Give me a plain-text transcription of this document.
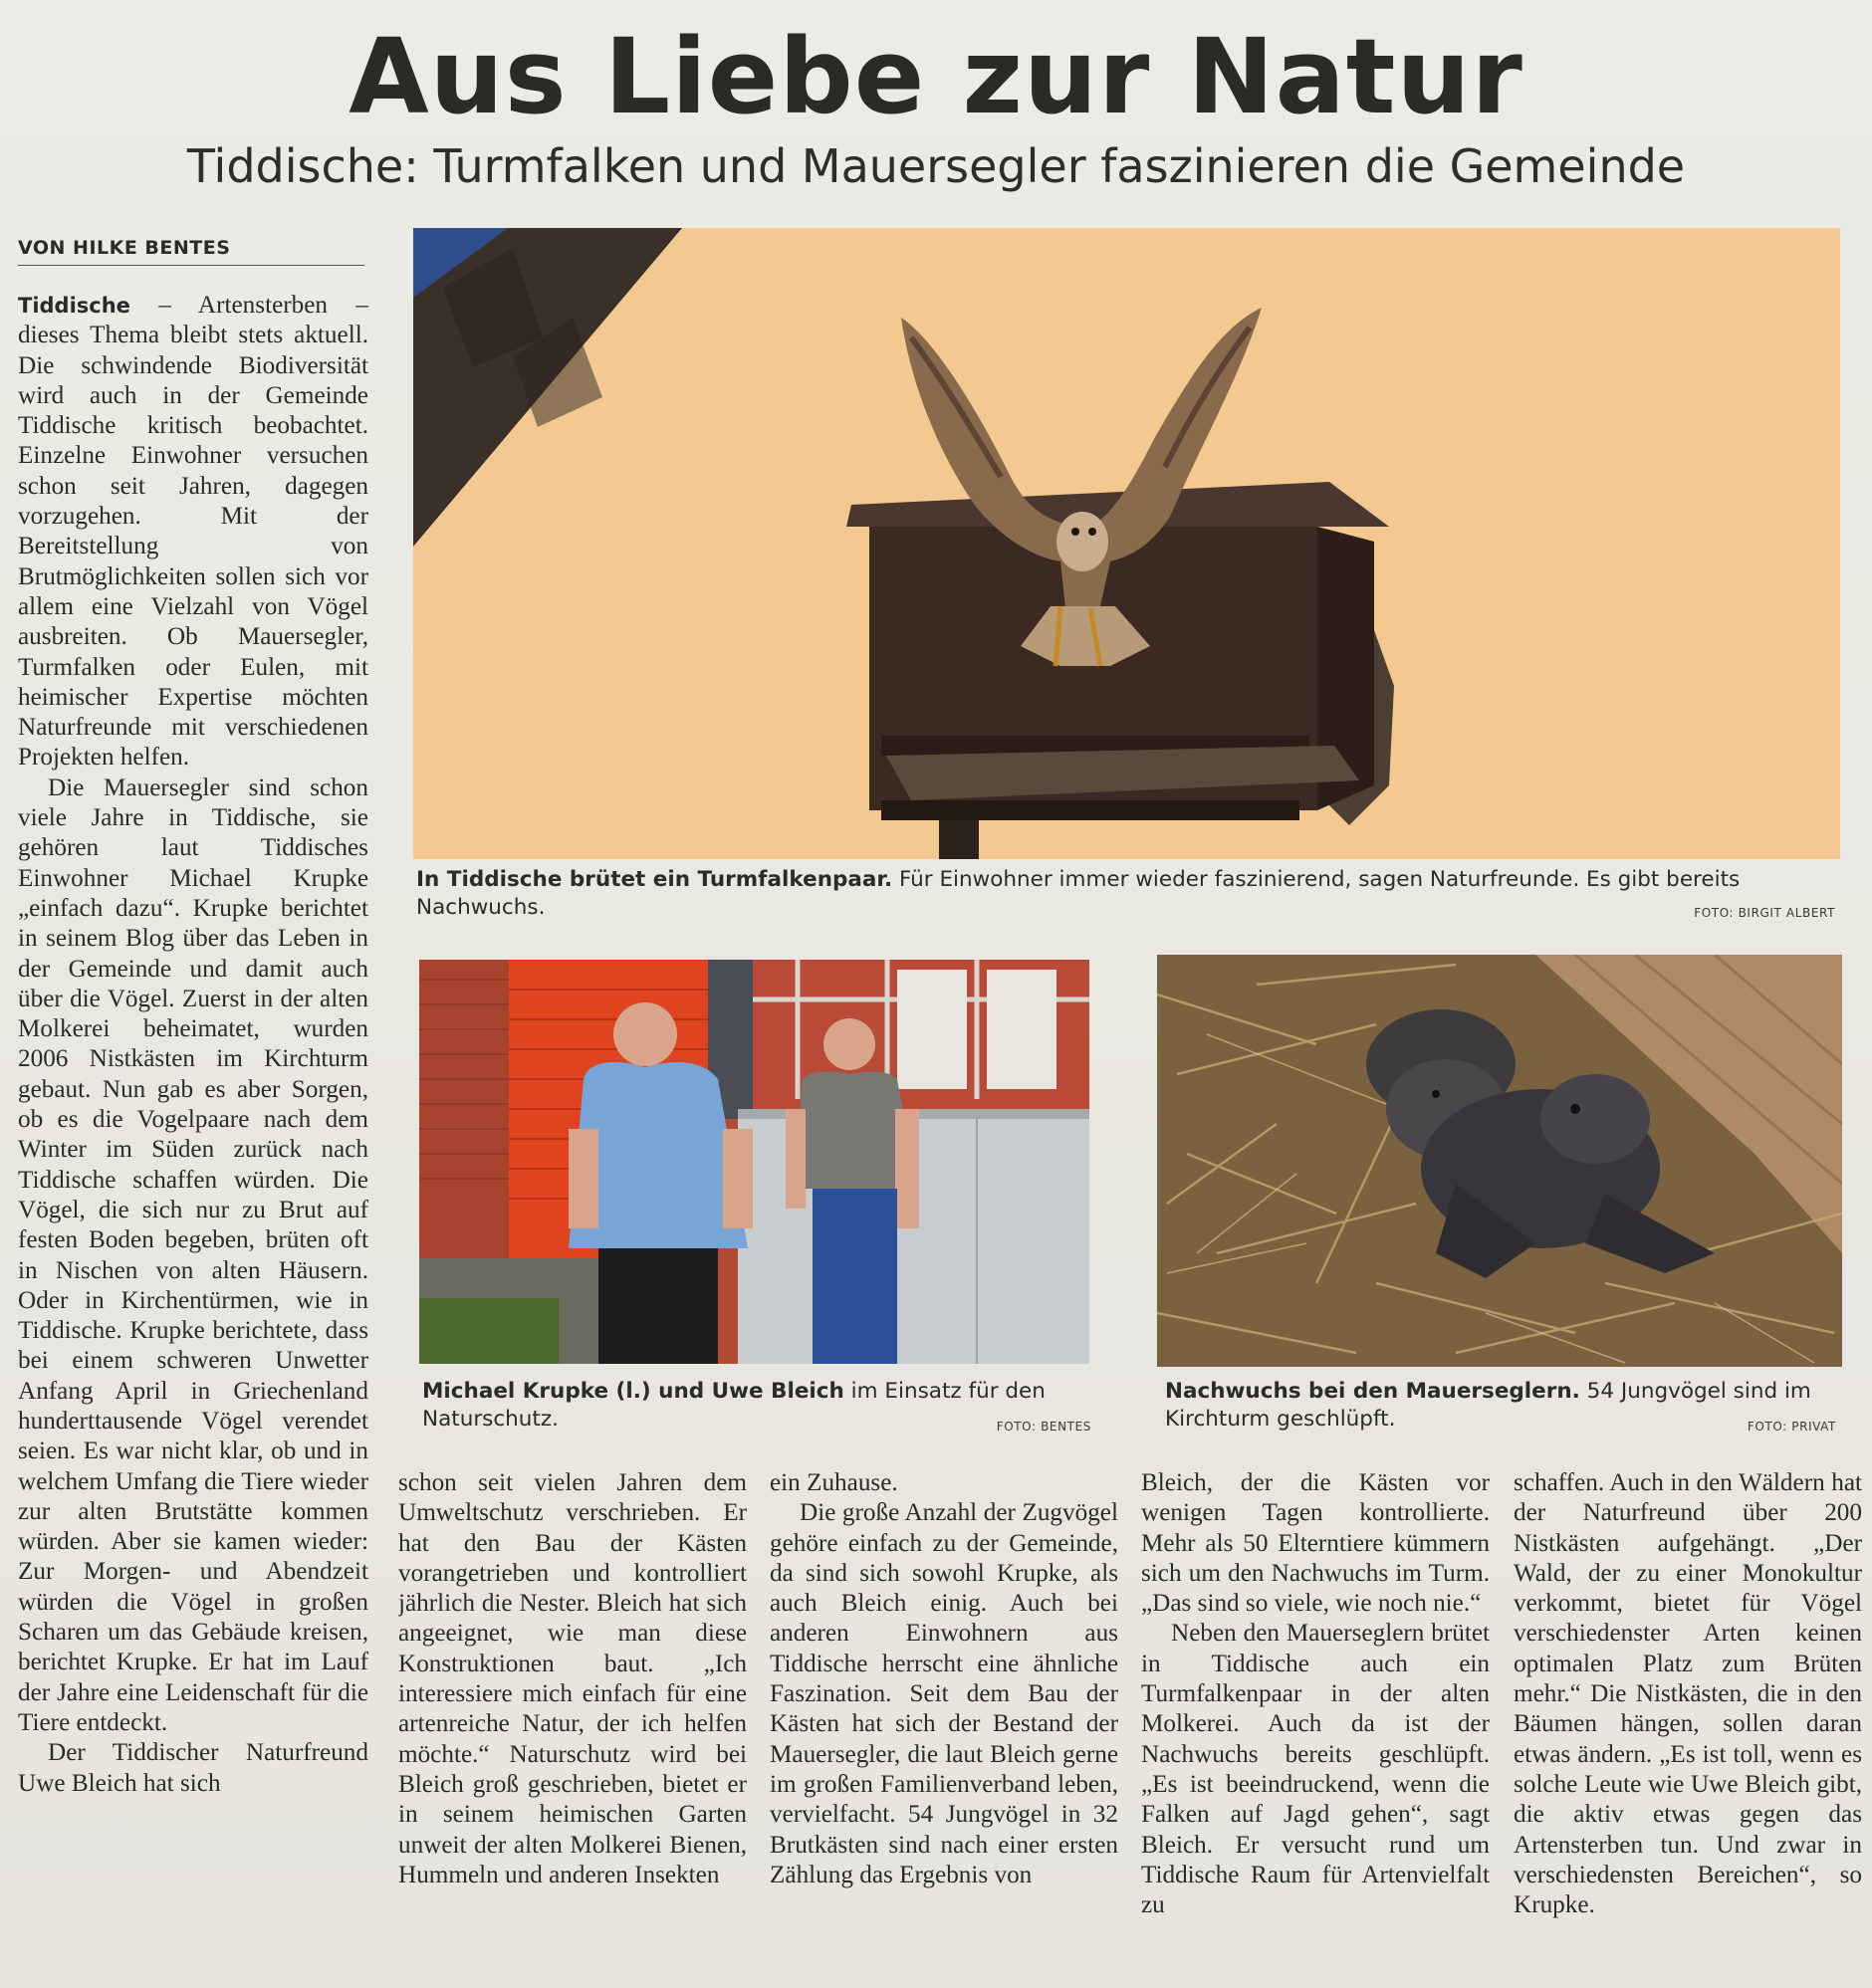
Aus Liebe zur Natur
Tiddische: Turmfalken und Mauersegler faszinieren die Gemeinde
VON HILKE BENTES

Tiddische – Artensterben – dieses Thema bleibt stets aktuell. Die schwindende Biodiversität wird auch in der Gemeinde Tiddische kritisch beobachtet. Einzelne Einwohner versuchen schon seit Jahren, dagegen vorzugehen. Mit der Bereitstellung von Brutmöglichkeiten sollen sich vor allem eine Vielzahl von Vögel ausbreiten. Ob Mauersegler, Turmfalken oder Eulen, mit heimischer Expertise möchten Naturfreunde mit verschiedenen Projekten helfen.

Die Mauersegler sind schon viele Jahre in Tiddische, sie gehören laut Tiddisches Einwohner Michael Krupke „einfach dazu“. Krupke berichtet in seinem Blog über das Leben in der Gemeinde und damit auch über die Vögel. Zuerst in der alten Molkerei beheimatet, wurden 2006 Nistkästen im Kirchturm gebaut. Nun gab es aber Sorgen, ob es die Vogelpaare nach dem Winter im Süden zurück nach Tiddische schaffen würden. Die Vögel, die sich nur zu Brut auf festen Boden begeben, brüten oft in Nischen von alten Häusern. Oder in Kirchentürmen, wie in Tiddische. Krupke berichtete, dass bei einem schweren Unwetter Anfang April in Griechenland hunderttausende Vögel verendet seien. Es war nicht klar, ob und in welchem Umfang die Tiere wieder zur alten Brutstätte kommen würden. Aber sie kamen wieder: Zur Morgen- und Abendzeit würden die Vögel in großen Scharen um das Gebäude kreisen, berichtet Krupke. Er hat im Lauf der Jahre eine Leidenschaft für die Tiere entdeckt.

Der Tiddischer Naturfreund Uwe Bleich hat sich

In Tiddische brütet ein Turmfalkenpaar. Für Einwohner immer wieder faszinierend, sagen Naturfreunde. Es gibt bereits Nachwuchs.	FOTO: BIRGIT ALBERT
Michael Krupke (l.) und Uwe Bleich im Einsatz für den Naturschutz.	FOTO: BENTES
Nachwuchs bei den Mauerseglern. 54 Jungvögel sind im Kirchturm geschlüpft.	FOTO: PRIVAT

schon seit vielen Jahren dem Umweltschutz verschrieben. Er hat den Bau der Kästen vorangetrieben und kontrolliert jährlich die Nester. Bleich hat sich angeeignet, wie man diese Konstruktionen baut. „Ich interessiere mich einfach für eine artenreiche Natur, der ich helfen möchte.“ Naturschutz wird bei Bleich groß geschrieben, bietet er in seinem heimischen Garten unweit der alten Molkerei Bienen, Hummeln und anderen Insekten

ein Zuhause.

Die große Anzahl der Zugvögel gehöre einfach zu der Gemeinde, da sind sich sowohl Krupke, als auch Bleich einig. Auch bei anderen Einwohnern aus Tiddische herrscht eine ähnliche Faszination. Seit dem Bau der Kästen hat sich der Bestand der Mauersegler, die laut Bleich gerne im großen Familienverband leben, vervielfacht. 54 Jungvögel in 32 Brutkästen sind nach einer ersten Zählung das Ergebnis von

Bleich, der die Kästen vor wenigen Tagen kontrollierte. Mehr als 50 Elterntiere kümmern sich um den Nachwuchs im Turm. „Das sind so viele, wie noch nie.“

Neben den Mauerseglern brütet in Tiddische auch ein Turmfalkenpaar in der alten Molkerei. Auch da ist der Nachwuchs bereits geschlüpft. „Es ist beeindruckend, wenn die Falken auf Jagd gehen“, sagt Bleich. Er versucht rund um Tiddische Raum für Artenvielfalt zu

schaffen. Auch in den Wäldern hat der Naturfreund über 200 Nistkästen aufgehängt. „Der Wald, der zu einer Monokultur verkommt, bietet für Vögel verschiedenster Arten keinen optimalen Platz zum Brüten mehr.“ Die Nistkästen, die in den Bäumen hängen, sollen daran etwas ändern. „Es ist toll, wenn es solche Leute wie Uwe Bleich gibt, die aktiv etwas gegen das Artensterben tun. Und zwar in verschiedensten Bereichen“, so Krupke.
